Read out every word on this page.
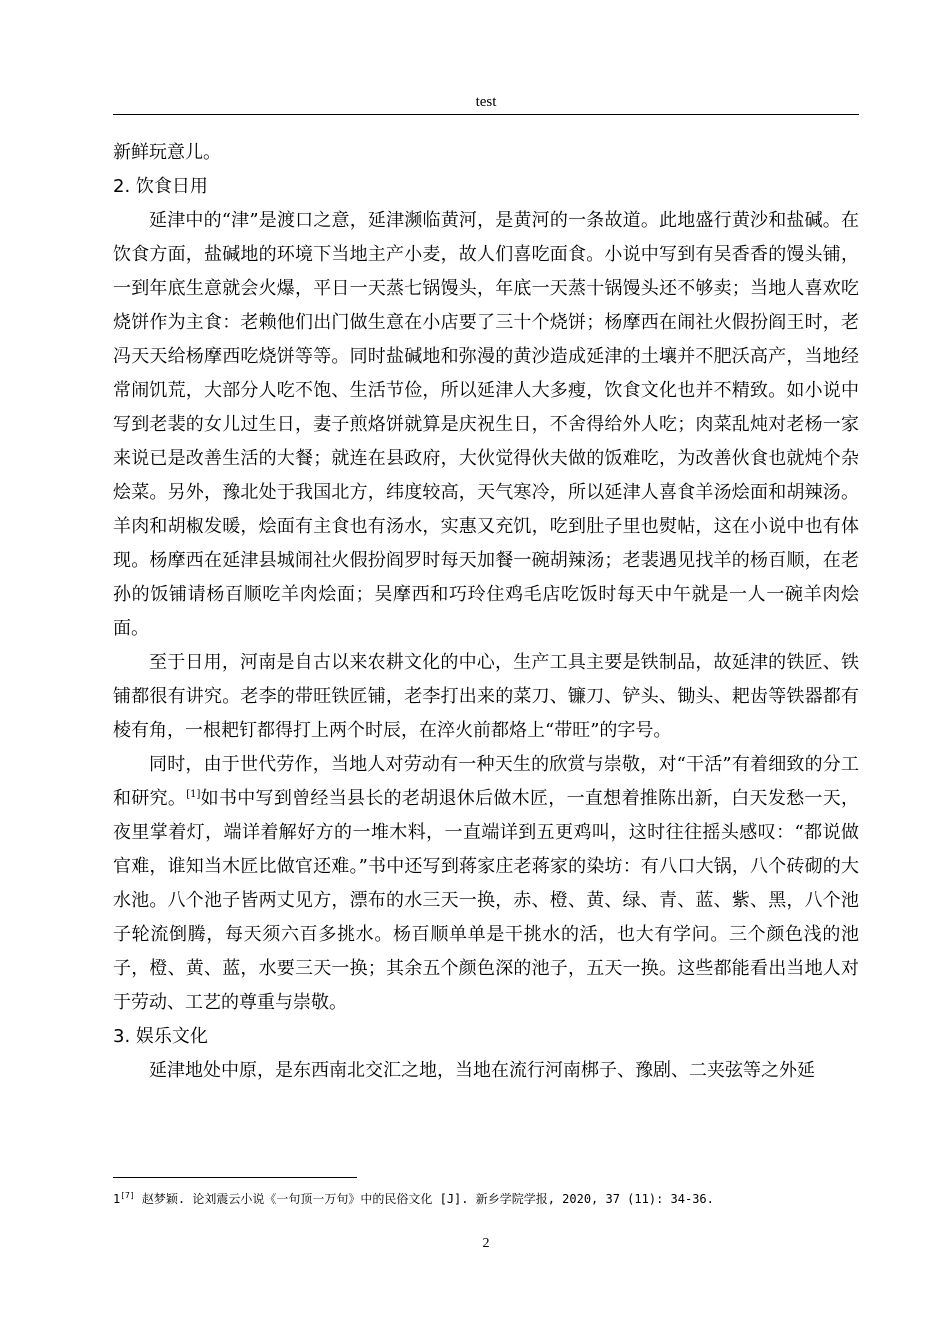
test

新鲜玩意儿。

2. 饮食日用

延津中的“津”是渡口之意，延津濒临黄河，是黄河的一条故道。此地盛行黄沙和盐碱。在饮食方面，盐碱地的环境下当地主产小麦，故人们喜吃面食。小说中写到有吴香香的馒头铺，一到年底生意就会火爆，平日一天蒸七锅馒头，年底一天蒸十锅馒头还不够卖；当地人喜欢吃烧饼作为主食：老赖他们出门做生意在小店要了三十个烧饼；杨摩西在闹社火假扮阎王时，老冯天天给杨摩西吃烧饼等等。同时盐碱地和弥漫的黄沙造成延津的土壤并不肥沃高产，当地经常闹饥荒，大部分人吃不饱、生活节俭，所以延津人大多瘦，饮食文化也并不精致。如小说中写到老裴的女儿过生日，妻子煎烙饼就算是庆祝生日，不舍得给外人吃；肉菜乱炖对老杨一家来说已是改善生活的大餐；就连在县政府，大伙觉得伙夫做的饭难吃，为改善伙食也就炖个杂烩菜。另外，豫北处于我国北方，纬度较高，天气寒冷，所以延津人喜食羊汤烩面和胡辣汤。羊肉和胡椒发暖，烩面有主食也有汤水，实惠又充饥，吃到肚子里也熨帖，这在小说中也有体现。杨摩西在延津县城闹社火假扮阎罗时每天加餐一碗胡辣汤；老裴遇见找羊的杨百顺，在老孙的饭铺请杨百顺吃羊肉烩面；吴摩西和巧玲住鸡毛店吃饭时每天中午就是一人一碗羊肉烩面。

至于日用，河南是自古以来农耕文化的中心，生产工具主要是铁制品，故延津的铁匠、铁铺都很有讲究。老李的带旺铁匠铺，老李打出来的菜刀、镰刀、铲头、锄头、耙齿等铁器都有棱有角，一根耙钉都得打上两个时辰，在淬火前都烙上“带旺”的字号。

同时，由于世代劳作，当地人对劳动有一种天生的欣赏与崇敬，对“干活”有着细致的分工和研究。[1]如书中写到曾经当县长的老胡退休后做木匠，一直想着推陈出新，白天发愁一天，夜里掌着灯，端详着解好方的一堆木料，一直端详到五更鸡叫，这时往往摇头感叹：“都说做官难，谁知当木匠比做官还难。”书中还写到蒋家庄老蒋家的染坊：有八口大锅，八个砖砌的大水池。八个池子皆两丈见方，漂布的水三天一换，赤、橙、黄、绿、青、蓝、紫、黑，八个池子轮流倒腾，每天须六百多挑水。杨百顺单单是干挑水的活，也大有学问。三个颜色浅的池子，橙、黄、蓝，水要三天一换；其余五个颜色深的池子，五天一换。这些都能看出当地人对于劳动、工艺的尊重与崇敬。

3. 娱乐文化

延津地处中原，是东西南北交汇之地，当地在流行河南梆子、豫剧、二夹弦等之外延

1[7] 赵梦颖. 论刘震云小说《一句顶一万句》中的民俗文化 [J]. 新乡学院学报, 2020, 37 (11): 34-36.
2
